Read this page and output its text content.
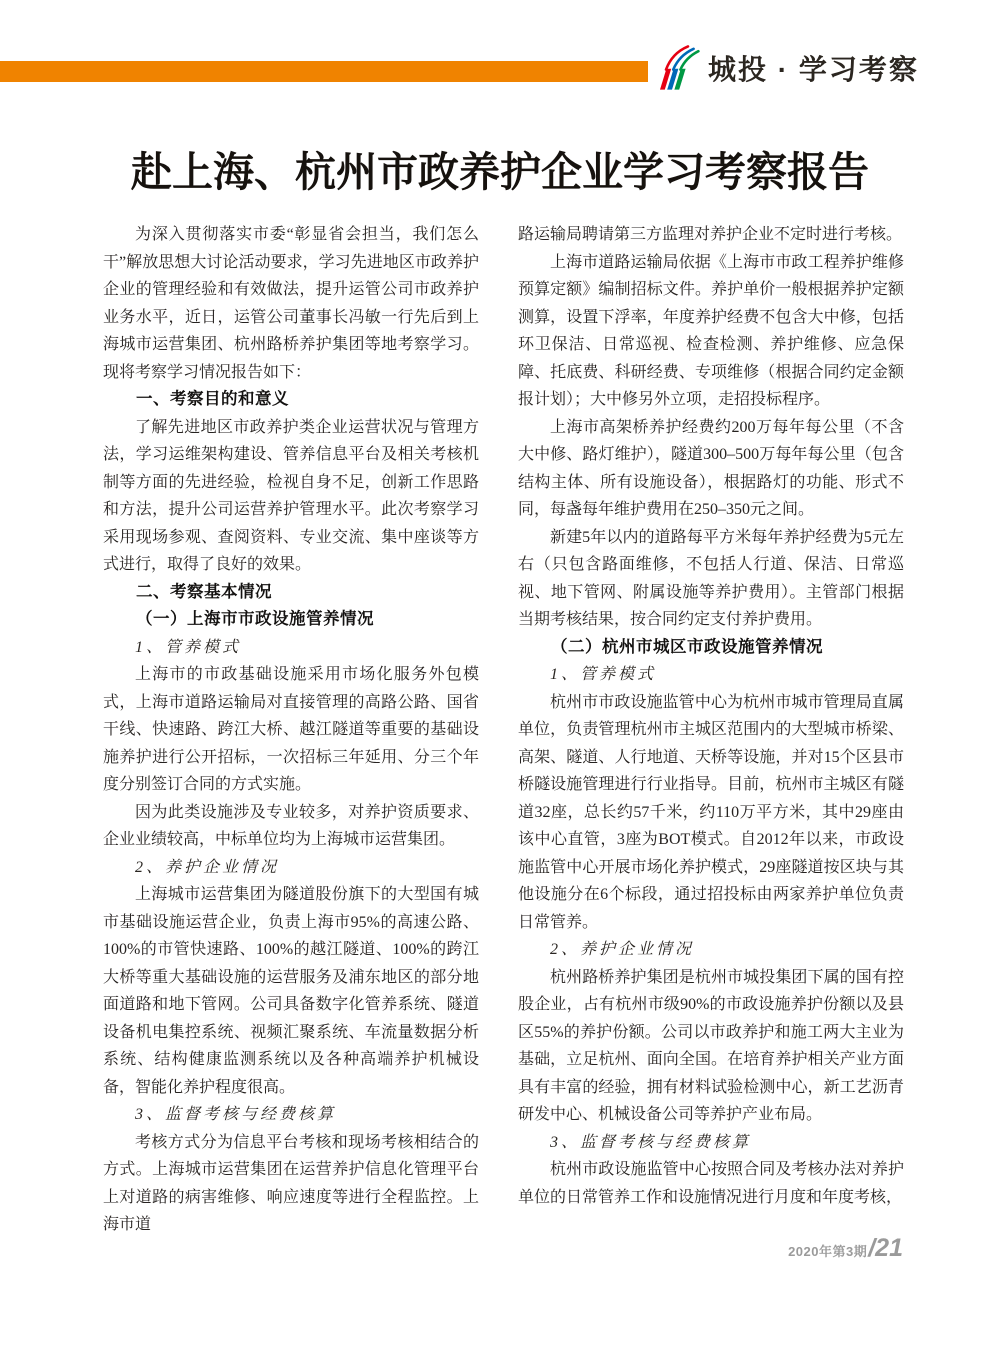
城投 · 学习考察
赴上海、杭州市政养护企业学习考察报告

为深入贯彻落实市委“彰显省会担当，我们怎么干”解放思想大讨论活动要求，学习先进地区市政养护企业的管理经验和有效做法，提升运管公司市政养护业务水平，近日，运管公司董事长冯敏一行先后到上海城市运营集团、杭州路桥养护集团等地考察学习。现将考察学习情况报告如下：

一、考察目的和意义

了解先进地区市政养护类企业运营状况与管理方法，学习运维架构建设、管养信息平台及相关考核机制等方面的先进经验，检视自身不足，创新工作思路和方法，提升公司运营养护管理水平。此次考察学习采用现场参观、查阅资料、专业交流、集中座谈等方式进行，取得了良好的效果。

二、考察基本情况
（一）上海市市政设施管养情况

1、管养模式

上海市的市政基础设施采用市场化服务外包模式，上海市道路运输局对直接管理的高路公路、国省干线、快速路、跨江大桥、越江隧道等重要的基础设施养护进行公开招标，一次招标三年延用、分三个年度分别签订合同的方式实施。

因为此类设施涉及专业较多，对养护资质要求、企业业绩较高，中标单位均为上海城市运营集团。

2、养护企业情况

上海城市运营集团为隧道股份旗下的大型国有城市基础设施运营企业，负责上海市95%的高速公路、100%的市管快速路、100%的越江隧道、100%的跨江大桥等重大基础设施的运营服务及浦东地区的部分地面道路和地下管网。公司具备数字化管养系统、隧道设备机电集控系统、视频汇聚系统、车流量数据分析系统、结构健康监测系统以及各种高端养护机械设备，智能化养护程度很高。

3、监督考核与经费核算

考核方式分为信息平台考核和现场考核相结合的方式。上海城市运营集团在运营养护信息化管理平台上对道路的病害维修、响应速度等进行全程监控。上海市道

路运输局聘请第三方监理对养护企业不定时进行考核。

上海市道路运输局依据《上海市市政工程养护维修预算定额》编制招标文件。养护单价一般根据养护定额测算，设置下浮率，年度养护经费不包含大中修，包括环卫保洁、日常巡视、检查检测、养护维修、应急保障、托底费、科研经费、专项维修（根据合同约定金额报计划）；大中修另外立项，走招投标程序。

上海市高架桥养护经费约200万每年每公里（不含大中修、路灯维护），隧道300–500万每年每公里（包含结构主体、所有设施设备），根据路灯的功能、形式不同，每盏每年维护费用在250–350元之间。

新建5年以内的道路每平方米每年养护经费为5元左右（只包含路面维修，不包括人行道、保洁、日常巡视、地下管网、附属设施等养护费用）。主管部门根据当期考核结果，按合同约定支付养护费用。

（二）杭州市城区市政设施管养情况

1、管养模式

杭州市市政设施监管中心为杭州市城市管理局直属单位，负责管理杭州市主城区范围内的大型城市桥梁、高架、隧道、人行地道、天桥等设施，并对15个区县市桥隧设施管理进行行业指导。目前，杭州市主城区有隧道32座，总长约57千米，约110万平方米，其中29座由该中心直管，3座为BOT模式。自2012年以来，市政设施监管中心开展市场化养护模式，29座隧道按区块与其他设施分在6个标段，通过招投标由两家养护单位负责日常管养。

2、养护企业情况

杭州路桥养护集团是杭州市城投集团下属的国有控股企业，占有杭州市级90%的市政设施养护份额以及县区55%的养护份额。公司以市政养护和施工两大主业为基础，立足杭州、面向全国。在培育养护相关产业方面具有丰富的经验，拥有材料试验检测中心，新工艺沥青研发中心、机械设备公司等养护产业布局。

3、监督考核与经费核算

杭州市政设施监管中心按照合同及考核办法对养护单位的日常管养工作和设施情况进行月度和年度考核，

2020年第3期 /21
